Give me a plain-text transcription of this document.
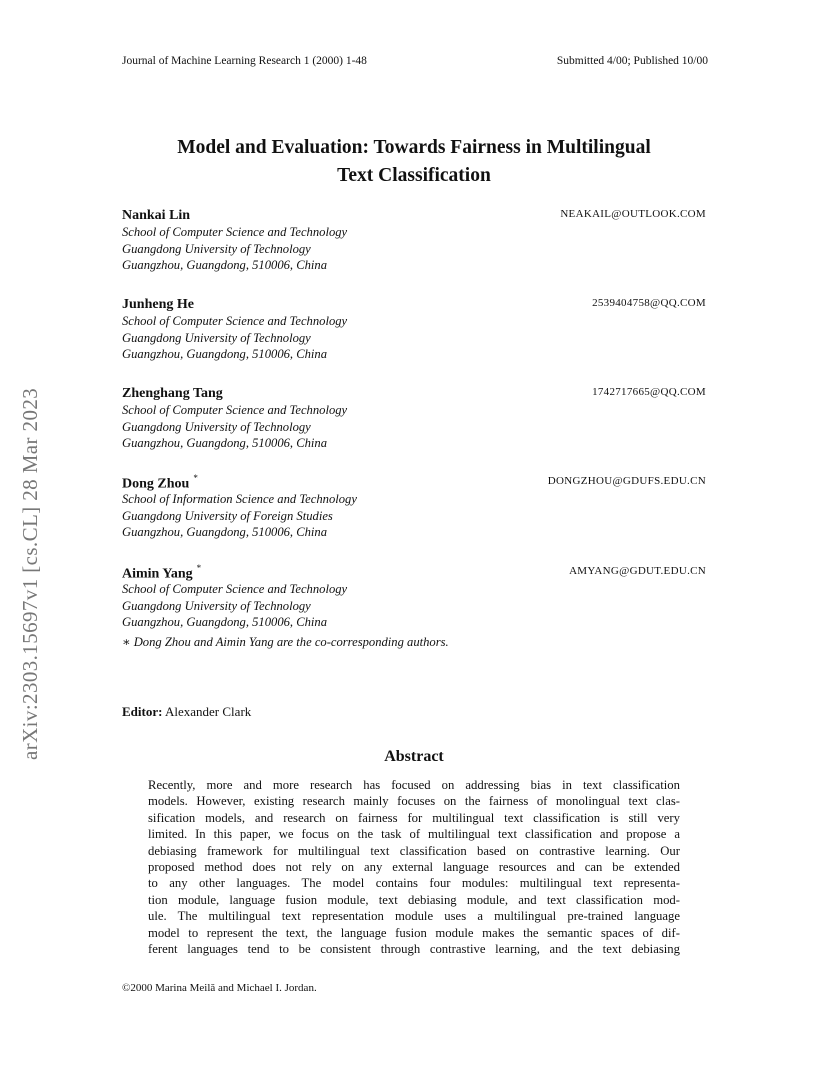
Journal of Machine Learning Research 1 (2000) 1-48	Submitted 4/00; Published 10/00
arXiv:2303.15697v1 [cs.CL] 28 Mar 2023
Model and Evaluation: Towards Fairness in Multilingual
Text Classification
Nankai Lin	NEAKAIL@OUTLOOK.COM
School of Computer Science and Technology
Guangdong University of Technology
Guangzhou, Guangdong, 510006, China
Junheng He	2539404758@QQ.COM
School of Computer Science and Technology
Guangdong University of Technology
Guangzhou, Guangdong, 510006, China
Zhenghang Tang	1742717665@QQ.COM
School of Computer Science and Technology
Guangdong University of Technology
Guangzhou, Guangdong, 510006, China
Dong Zhou *	DONGZHOU@GDUFS.EDU.CN
School of Information Science and Technology
Guangdong University of Foreign Studies
Guangzhou, Guangdong, 510006, China
Aimin Yang *	AMYANG@GDUT.EDU.CN
School of Computer Science and Technology
Guangdong University of Technology
Guangzhou, Guangdong, 510006, China
∗ Dong Zhou and Aimin Yang are the co-corresponding authors.
Editor: Alexander Clark
Abstract
Recently, more and more research has focused on addressing bias in text classification
models. However, existing research mainly focuses on the fairness of monolingual text clas-
sification models, and research on fairness for multilingual text classification is still very
limited. In this paper, we focus on the task of multilingual text classification and propose a
debiasing framework for multilingual text classification based on contrastive learning. Our
proposed method does not rely on any external language resources and can be extended
to any other languages. The model contains four modules: multilingual text representa-
tion module, language fusion module, text debiasing module, and text classification mod-
ule. The multilingual text representation module uses a multilingual pre-trained language
model to represent the text, the language fusion module makes the semantic spaces of dif-
ferent languages tend to be consistent through contrastive learning, and the text debiasing
©2000 Marina Meilă and Michael I. Jordan.
